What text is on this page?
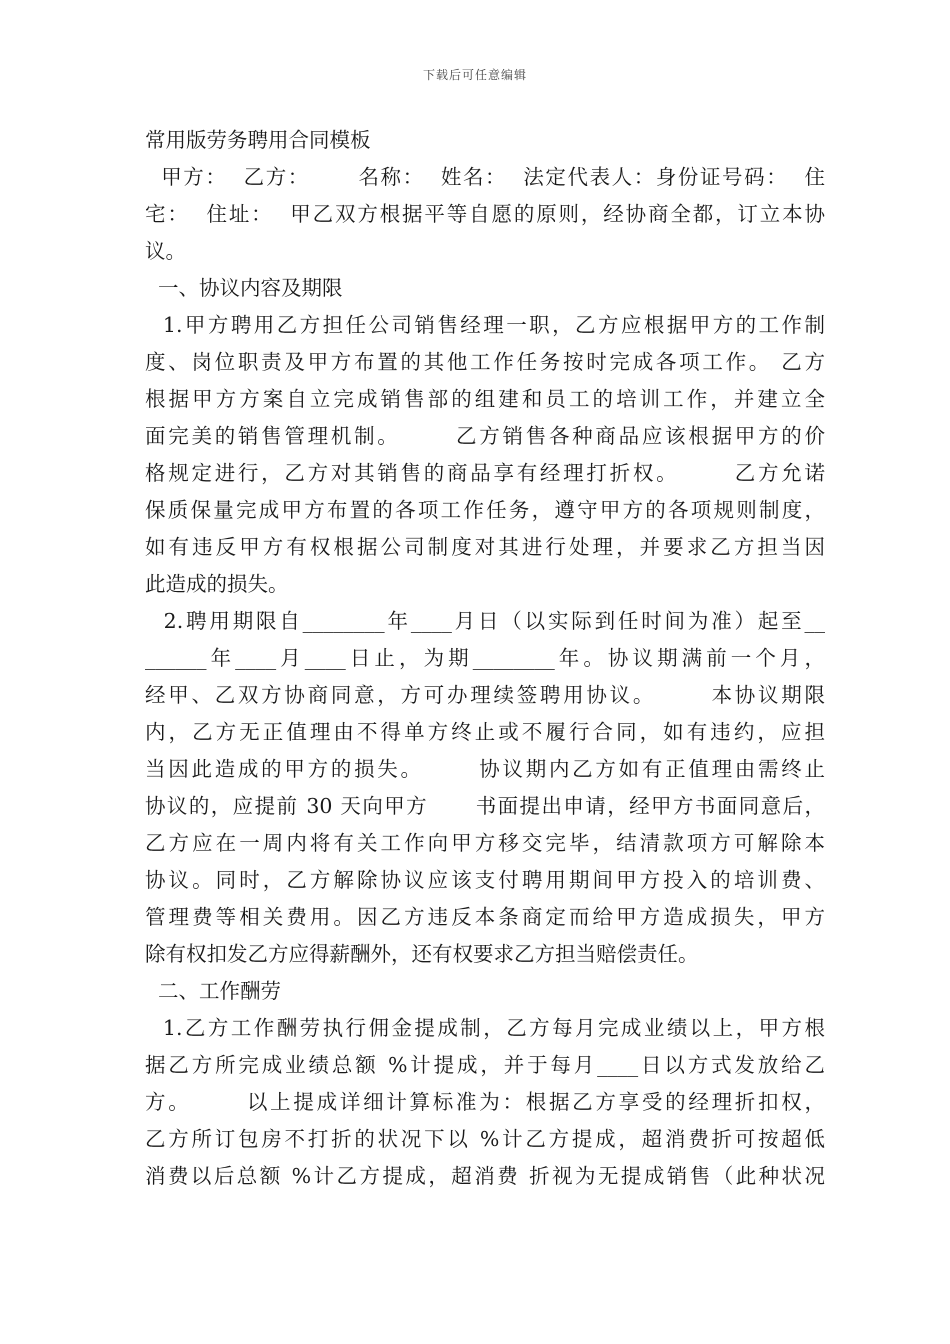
下载后可任意编辑
常用版劳务聘用合同模板
甲方：  乙方：      名称：  姓名：  法定代表人：身份证号码：  住
宅：  住址：  甲乙双方根据平等自愿的原则，经协商全都，订立本协
议。
一、协议内容及期限
1.甲方聘用乙方担任公司销售经理一职，乙方应根据甲方的工作制
度、岗位职责及甲方布置的其他工作任务按时完成各项工作。 乙方
根据甲方方案自立完成销售部的组建和员工的培训工作，并建立全
面完美的销售管理机制。      乙方销售各种商品应该根据甲方的价
格规定进行，乙方对其销售的商品享有经理打折权。      乙方允诺
保质保量完成甲方布置的各项工作任务，遵守甲方的各项规则制度，
如有违反甲方有权根据公司制度对其进行处理，并要求乙方担当因
此造成的损失。
2.聘用期限自________年____月日（以实际到任时间为准）起至__
______年____月____日止，为期________年。协议期满前一个月，
经甲、乙双方协商同意，方可办理续签聘用协议。      本协议期限
内，乙方无正值理由不得单方终止或不履行合同，如有违约，应担
当因此造成的甲方的损失。      协议期内乙方如有正值理由需终止
协议的，应提前 30 天向甲方      书面提出申请，经甲方书面同意后，
乙方应在一周内将有关工作向甲方移交完毕，结清款项方可解除本
协议。同时，乙方解除协议应该支付聘用期间甲方投入的培训费、
管理费等相关费用。因乙方违反本条商定而给甲方造成损失，甲方
除有权扣发乙方应得薪酬外，还有权要求乙方担当赔偿责任。
二、工作酬劳
1.乙方工作酬劳执行佣金提成制，乙方每月完成业绩以上，甲方根
据乙方所完成业绩总额 %计提成，并于每月____日以方式发放给乙
方。      以上提成详细计算标准为：根据乙方享受的经理折扣权，
乙方所订包房不打折的状况下以 %计乙方提成，超消费折可按超低
消费以后总额 %计乙方提成，超消费 折视为无提成销售（此种状况
